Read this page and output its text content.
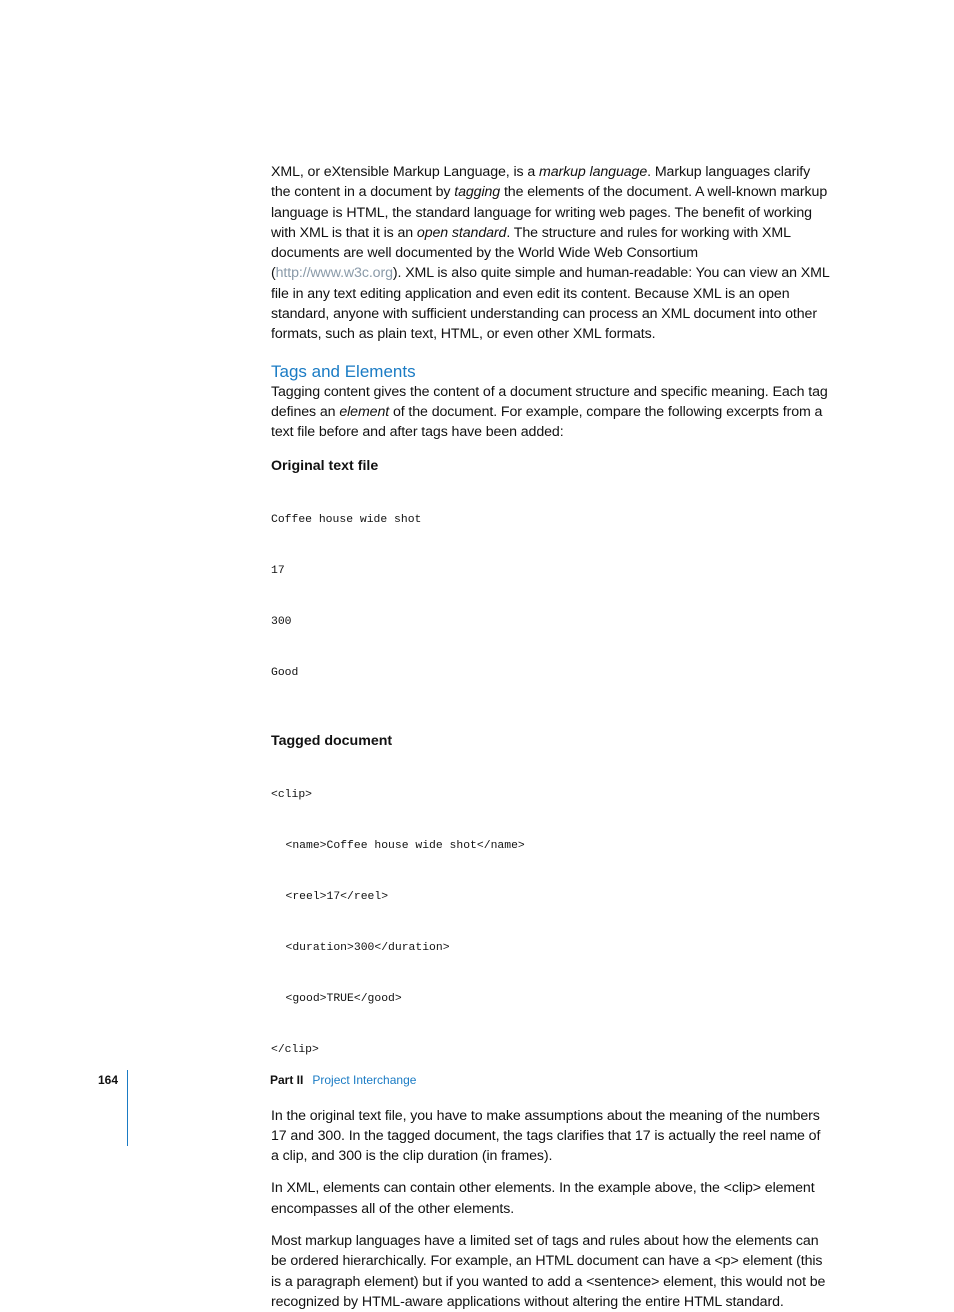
XML, or eXtensible Markup Language, is a markup language. Markup languages clarify the content in a document by tagging the elements of the document. A well-known markup language is HTML, the standard language for writing web pages. The benefit of working with XML is that it is an open standard. The structure and rules for working with XML documents are well documented by the World Wide Web Consortium (http://www.w3c.org). XML is also quite simple and human-readable: You can view an XML file in any text editing application and even edit its content. Because XML is an open standard, anyone with sufficient understanding can process an XML document into other formats, such as plain text, HTML, or even other XML formats.

Tags and Elements

Tagging content gives the content of a document structure and specific meaning. Each tag defines an element of the document. For example, compare the following excerpts from a text file before and after tags have been added:

Original text file

Coffee house wide shot

17

300

Good

Tagged document

<clip>

<name>Coffee house wide shot</name>

<reel>17</reel>

<duration>300</duration>

<good>TRUE</good>

</clip>

In the original text file, you have to make assumptions about the meaning of the numbers 17 and 300. In the tagged document, the tags clarifies that 17 is actually the reel name of a clip, and 300 is the clip duration (in frames).

In XML, elements can contain other elements. In the example above, the <clip> element encompasses all of the other elements.

Most markup languages have a limited set of tags and rules about how the elements can be ordered hierarchically. For example, an HTML document can have a <p> element (this is a paragraph element) but if you wanted to add a <sentence> element, this would not be recognized by HTML-aware applications without altering the entire HTML standard.

164	Part II Project Interchange
